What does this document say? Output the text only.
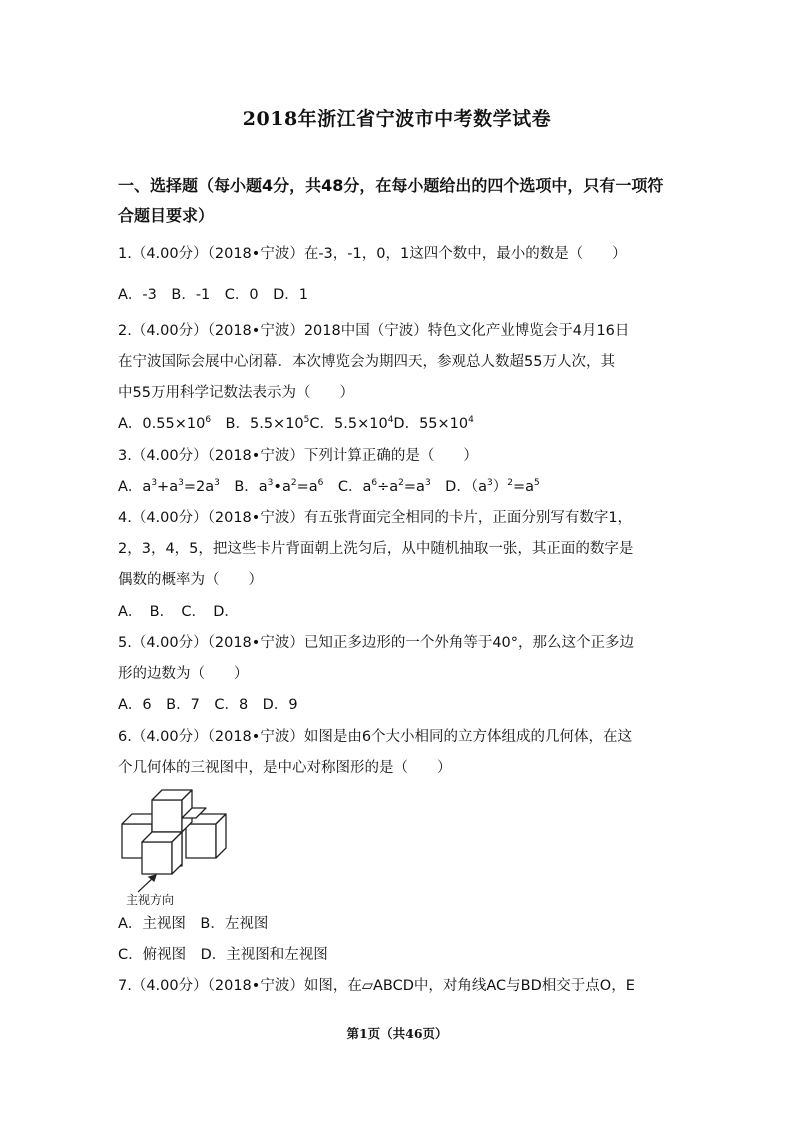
2018年浙江省宁波市中考数学试卷
一、选择题（每小题4分，共48分，在每小题给出的四个选项中，只有一项符
合题目要求）
1.（4.00分）（2018•宁波）在-3，-1，0，1这四个数中，最小的数是（　　）
A．-3　B．-1　C．0　D．1
2.（4.00分）（2018•宁波）2018中国（宁波）特色文化产业博览会于4月16日
在宁波国际会展中心闭幕．本次博览会为期四天，参观总人数超55万人次，其
中55万用科学记数法表示为（　　）
A．$0.55\times 10^6$　B．$5.5\times 10^5C$．$5.5\times 10^4D$．$55\times 10^4$
3.（4.00分）（2018•宁波）下列计算正确的是（　　）
A．$a^3+a^3=2a^3$　B．$a^3•a^2=a^6$　C．$a^6\div a^2=a^3$　D．$(a^3)^2=a^5$
4.（4.00分）（2018•宁波）有五张背面完全相同的卡片，正面分别写有数字1，
2，3，4，5，把这些卡片背面朝上洗匀后，从中随机抽取一张，其正面的数字是
偶数的概率为（　　）
A．　B．　C．　D．
5.（4.00分）（2018•宁波）已知正多边形的一个外角等于40°，那么这个正多边
形的边数为（　　）
A．6　B．7　C．8　D．9
6.（4.00分）（2018•宁波）如图是由6个大小相同的立方体组成的几何体，在这
个几何体的三视图中，是中心对称图形的是（　　）
主视方向
A．主视图　B．左视图
C．俯视图　D．主视图和左视图
7.（4.00分）（2018•宁波）如图，在▱ABCD中，对角线AC与BD相交于点O，E
第1页（共46页）
